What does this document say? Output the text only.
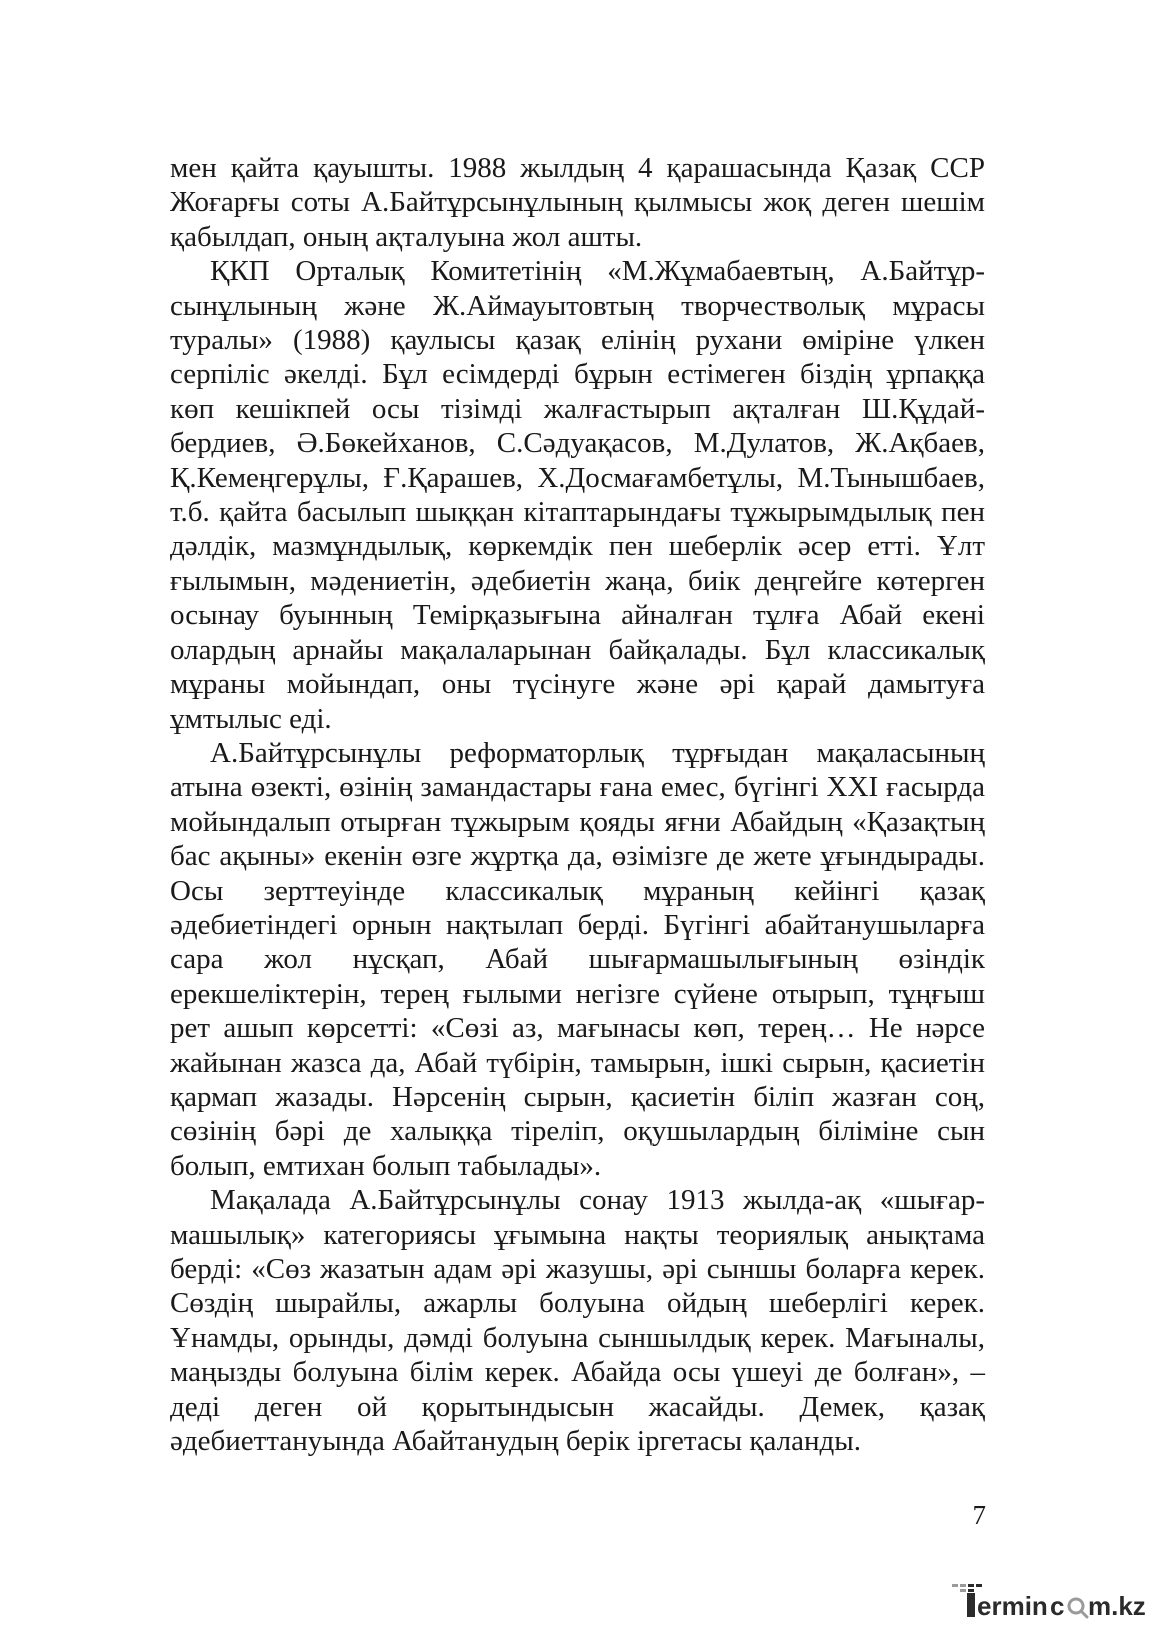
мен қайта қауышты. 1988 жылдың 4 қарашасында Қазақ ССР Жоғарғы соты А.Байтұрсынұлының қылмысы жоқ деген шешім қабылдап, оның ақталуына жол ашты.

ҚКП Орталық Комитетінің «М.Жұмабаевтың, А.Байтұрсынұлының және Ж.Аймауытовтың творчестволық мұрасы туралы» (1988) қаулысы қазақ елінің рухани өміріне үлкен серпіліс әкелді. Бұл есімдерді бұрын естімеген біздің ұрпаққа көп кешікпей осы тізімді жалғастырып ақталған Ш.Құдайбердиев, Ә.Бөкейханов, С.Сәдуақасов, М.Дулатов, Ж.Ақбаев, Қ.Кемеңгерұлы, Ғ.Қарашев, Х.Досмағамбетұлы, М.Тынышбаев, т.б. қайта басылып шыққан кітаптарындағы тұжырымдылық пен дәлдік, мазмұндылық, көркемдік пен шеберлік әсер етті. Ұлт ғылымын, мәдениетін, әдебиетін жаңа, биік деңгейге көтерген осынау буынның Темірқазығына айналған тұлға Абай екені олардың арнайы мақалаларынан байқалады. Бұл классикалық мұраны мойындап, оны түсінуге және әрі қарай дамытуға ұмтылыс еді.

А.Байтұрсынұлы реформаторлық тұрғыдан мақаласының атына өзекті, өзінің замандастары ғана емес, бүгінгі ХХІ ғасырда мойындалып отырған тұжырым қояды яғни Абайдың «Қазақтың бас ақыны» екенін өзге жұртқа да, өзімізге де жете ұғындырады. Осы зерттеуінде классикалық мұраның кейінгі қазақ әдебиетіндегі орнын нақтылап берді. Бүгінгі абайтанушыларға сара жол нұсқап, Абай шығармашылығының өзіндік ерекшеліктерін, терең ғылыми негізге сүйене отырып, тұңғыш рет ашып көрсетті: «Сөзі аз, мағынасы көп, терең… Не нәрсе жайынан жазса да, Абай түбірін, тамырын, ішкі сырын, қасиетін қармап жазады. Нәрсенің сырын, қасиетін біліп жазған соң, сөзінің бәрі де халыққа тіреліп, оқушылардың біліміне сын болып, емтихан болып табылады».

Мақалада А.Байтұрсынұлы сонау 1913 жылда-ақ «шығармашылық» категориясы ұғымына нақты теориялық анықтама берді: «Сөз жазатын адам әрі жазушы, әрі сыншы боларға керек. Сөздің шырайлы, ажарлы болуына ойдың шеберлігі керек. Ұнамды, орынды, дәмді болуына сыншылдық керек. Мағыналы, маңызды болуына білім керек. Абайда осы үшеуі де болған», – деді деген ой қорытындысын жасайды. Демек, қазақ әдебиеттануында Абайтанудың берік іргетасы қаланды.

7
ermin c m.kz
